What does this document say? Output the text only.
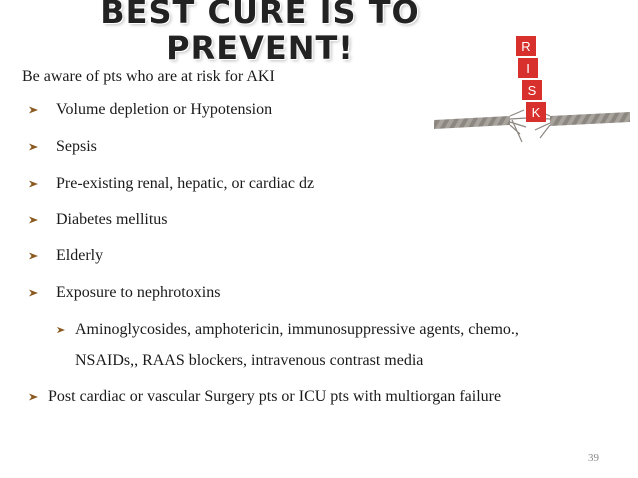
BEST CURE IS TO PREVENT!
Be aware of pts who are at risk for AKI
Volume depletion or Hypotension
Sepsis
Pre-existing renal, hepatic, or cardiac dz
Diabetes mellitus
Elderly
Exposure to nephrotoxins
Aminoglycosides, amphotericin, immunosuppressive agents, chemo.,
NSAIDs,, RAAS blockers, intravenous contrast media
Post cardiac or vascular Surgery pts or ICU pts with multiorgan failure
39
R
I
S
K
